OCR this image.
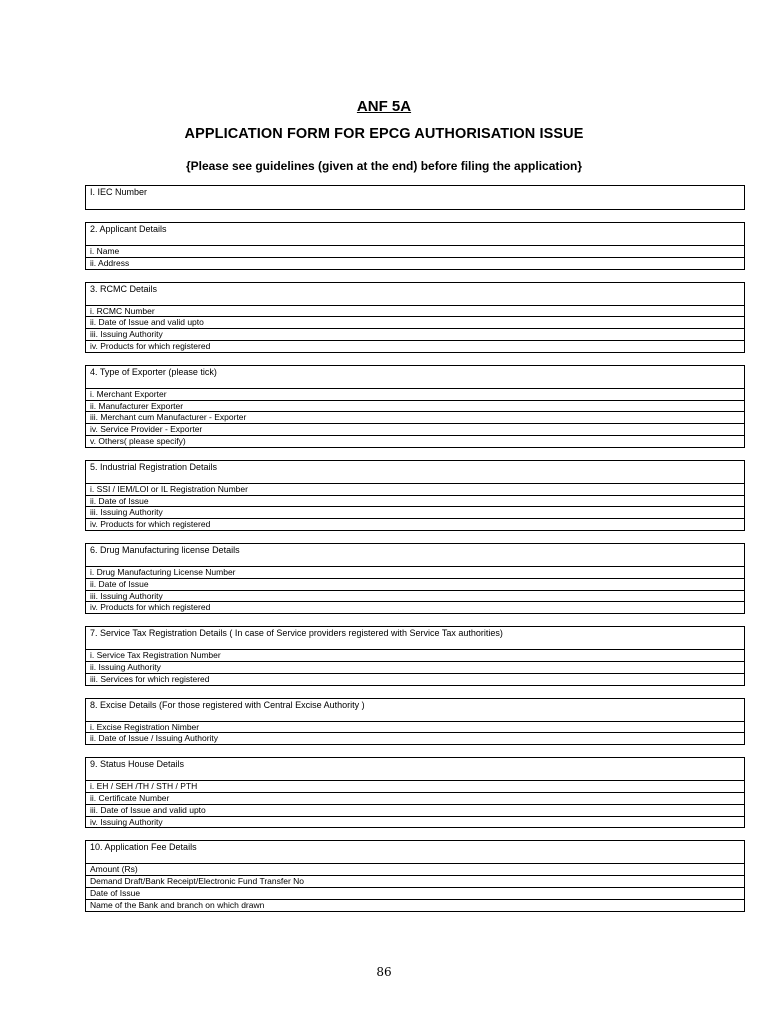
ANF 5A
APPLICATION FORM FOR EPCG AUTHORISATION ISSUE
{Please see guidelines (given at the end) before filing the application}
I. IEC Number
2. Applicant Details
i. Name
ii. Address
3. RCMC Details
i. RCMC Number
ii. Date of Issue and valid upto
iii. Issuing Authority
iv. Products for which registered
4. Type of Exporter (please tick)
i. Merchant Exporter
ii. Manufacturer Exporter
iii. Merchant cum Manufacturer - Exporter
iv. Service Provider - Exporter
v. Others( please specify)
5. Industrial Registration Details
i. SSI / IEM/LOI or IL Registration Number
ii. Date of Issue
iii. Issuing Authority
iv. Products for which registered
6. Drug Manufacturing license Details
i. Drug Manufacturing License Number
ii. Date of Issue
iii. Issuing Authority
iv. Products for which registered
7. Service Tax Registration Details ( In case of Service providers registered with Service Tax authorities)
i. Service Tax Registration Number
ii. Issuing Authority
iii. Services for which registered
8. Excise Details (For those registered with Central Excise Authority )
i. Excise Registration Nimber
ii. Date of Issue / Issuing Authority
9. Status House Details
i. EH / SEH /TH / STH / PTH
ii. Certificate Number
iii. Date of Issue and valid upto
iv. Issuing Authority
10. Application Fee Details
Amount (Rs)
Demand Draft/Bank Receipt/Electronic Fund Transfer No
Date of Issue
Name of the Bank and branch on which drawn
86
